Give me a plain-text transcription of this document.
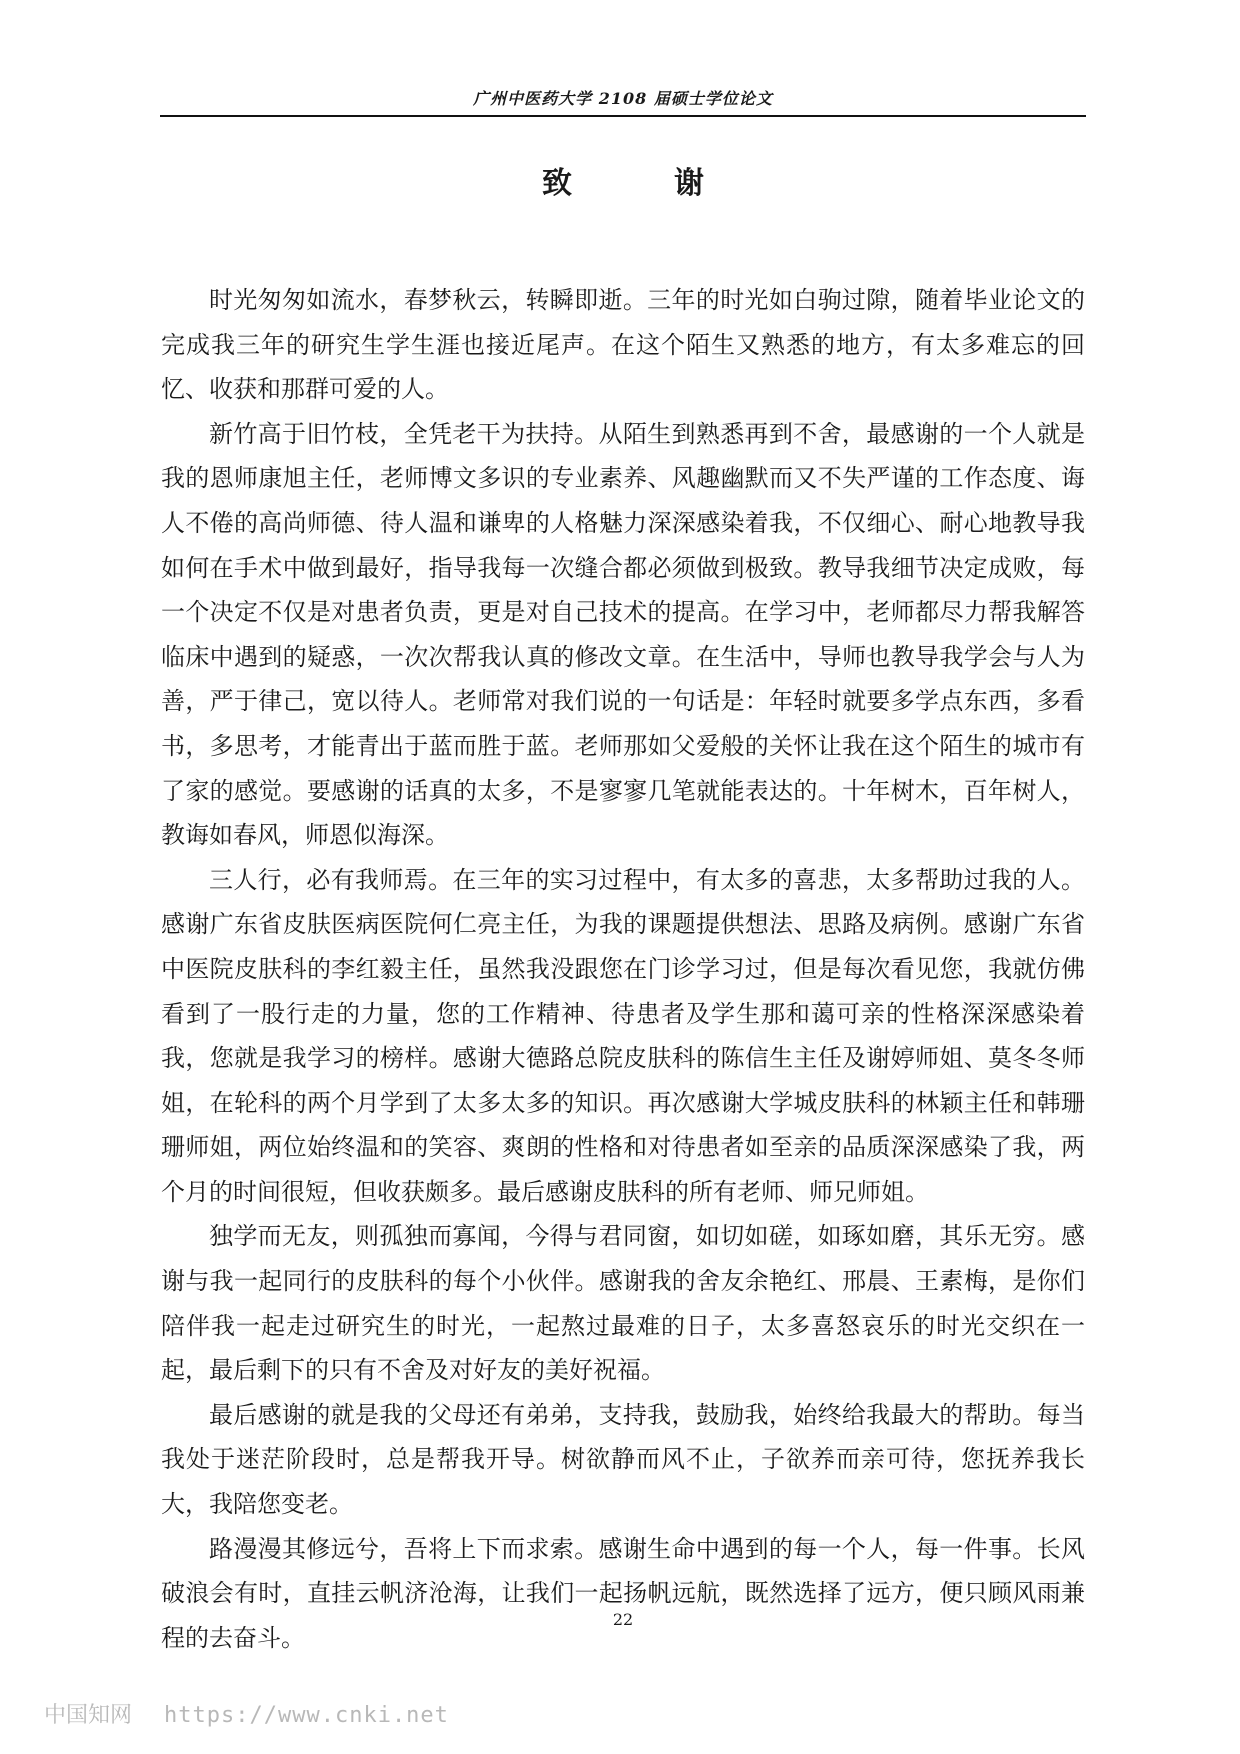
广州中医药大学 2108 届硕士学位论文
致　谢

时光匆匆如流水，春梦秋云，转瞬即逝。三年的时光如白驹过隙，随着毕业论文的完成我三年的研究生学生涯也接近尾声。在这个陌生又熟悉的地方，有太多难忘的回忆、收获和那群可爱的人。

新竹高于旧竹枝，全凭老干为扶持。从陌生到熟悉再到不舍，最感谢的一个人就是我的恩师康旭主任，老师博文多识的专业素养、风趣幽默而又不失严谨的工作态度、诲人不倦的高尚师德、待人温和谦卑的人格魅力深深感染着我，不仅细心、耐心地教导我如何在手术中做到最好，指导我每一次缝合都必须做到极致。教导我细节决定成败，每一个决定不仅是对患者负责，更是对自己技术的提高。在学习中，老师都尽力帮我解答临床中遇到的疑惑，一次次帮我认真的修改文章。在生活中，导师也教导我学会与人为善，严于律己，宽以待人。老师常对我们说的一句话是：年轻时就要多学点东西，多看书，多思考，才能青出于蓝而胜于蓝。老师那如父爱般的关怀让我在这个陌生的城市有了家的感觉。要感谢的话真的太多，不是寥寥几笔就能表达的。十年树木，百年树人，教诲如春风，师恩似海深。

三人行，必有我师焉。在三年的实习过程中，有太多的喜悲，太多帮助过我的人。感谢广东省皮肤医病医院何仁亮主任，为我的课题提供想法、思路及病例。感谢广东省中医院皮肤科的李红毅主任，虽然我没跟您在门诊学习过，但是每次看见您，我就仿佛看到了一股行走的力量，您的工作精神、待患者及学生那和蔼可亲的性格深深感染着我，您就是我学习的榜样。感谢大德路总院皮肤科的陈信生主任及谢婷师姐、莫冬冬师姐，在轮科的两个月学到了太多太多的知识。再次感谢大学城皮肤科的林颖主任和韩珊珊师姐，两位始终温和的笑容、爽朗的性格和对待患者如至亲的品质深深感染了我，两个月的时间很短，但收获颇多。最后感谢皮肤科的所有老师、师兄师姐。

独学而无友，则孤独而寡闻，今得与君同窗，如切如磋，如琢如磨，其乐无穷。感谢与我一起同行的皮肤科的每个小伙伴。感谢我的舍友余艳红、邢晨、王素梅，是你们陪伴我一起走过研究生的时光，一起熬过最难的日子，太多喜怒哀乐的时光交织在一起，最后剩下的只有不舍及对好友的美好祝福。

最后感谢的就是我的父母还有弟弟，支持我，鼓励我，始终给我最大的帮助。每当我处于迷茫阶段时，总是帮我开导。树欲静而风不止，子欲养而亲可待，您抚养我长大，我陪您变老。

路漫漫其修远兮，吾将上下而求索。感谢生命中遇到的每一个人，每一件事。长风破浪会有时，直挂云帆济沧海，让我们一起扬帆远航，既然选择了远方，便只顾风雨兼程的去奋斗。

22
中国知网 https://www.cnki.net
